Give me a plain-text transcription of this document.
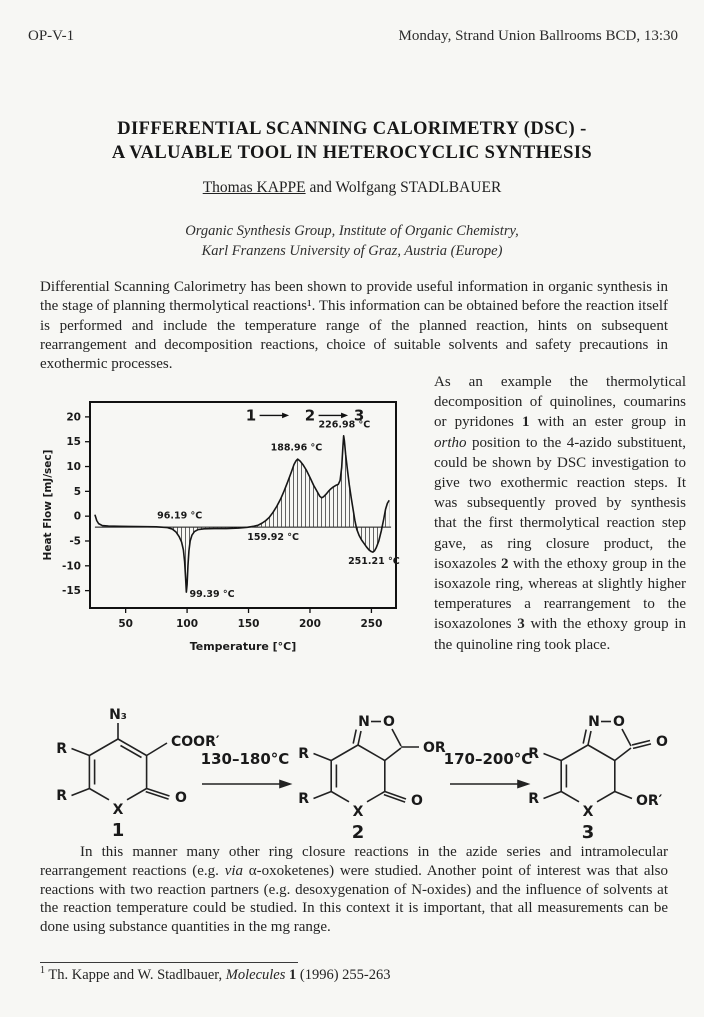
OP-V-1	Monday, Strand Union Ballrooms BCD, 13:30
DIFFERENTIAL SCANNING CALORIMETRY (DSC) -
A VALUABLE TOOL IN HETEROCYCLIC SYNTHESIS
Thomas KAPPE and Wolfgang STADLBAUER
Organic Synthesis Group, Institute of Organic Chemistry,
Karl Franzens University of Graz, Austria (Europe)
Differential Scanning Calorimetry has been shown to provide useful information in organic synthesis in the stage of planning thermolytical reactions¹. This information can be obtained before the reaction itself is performed and include the temperature range of the planned reaction, hints on subsequent rearrangement and decomposition reactions, choice of suitable solvents and safety precautions in exothermic processes.
20
15
10
5
0
-5
-10
-15
50	100	150	200	250
Temperature [°C]
Heat Flow [mJ/sec]	96.19 °C
99.39 °C
159.92 °C
188.96 °C
226.98 °C
251.21 °C
1	2	3
As an example the thermolytical decomposition of quinolines, coumarins or pyridones 1 with an ester group in ortho position to the 4-azido substituent, could be shown by DSC investigation to give two exothermic reaction steps. It was subsequently proved by synthesis that the first thermolytical reaction step gave, as ring closure product, the isoxazoles 2 with the ethoxy group in the isoxazole ring, whereas at slightly higher temperatures a rearrangement to the isoxazolones 3 with the ethoxy group in the quinoline ring took place.
N₃
COOR′
O
X
R
R
1
130–180°C
N O
OR
O
X
R
R
2
170–200°C
N O
O
OR′
X
R
R
3
In this manner many other ring closure reactions in the azide series and intramolecular rearrangement reactions (e.g. via α-oxoketenes) were studied. Another point of interest was that also reactions with two reaction partners (e.g. desoxygenation of N-oxides) and the influence of solvents at the reaction temperature could be studied. In this context it is important, that all measurements can be done using substance quantities in the mg range.
$^1$ Th. Kappe and W. Stadlbauer, Molecules 1 (1996) 255-263
